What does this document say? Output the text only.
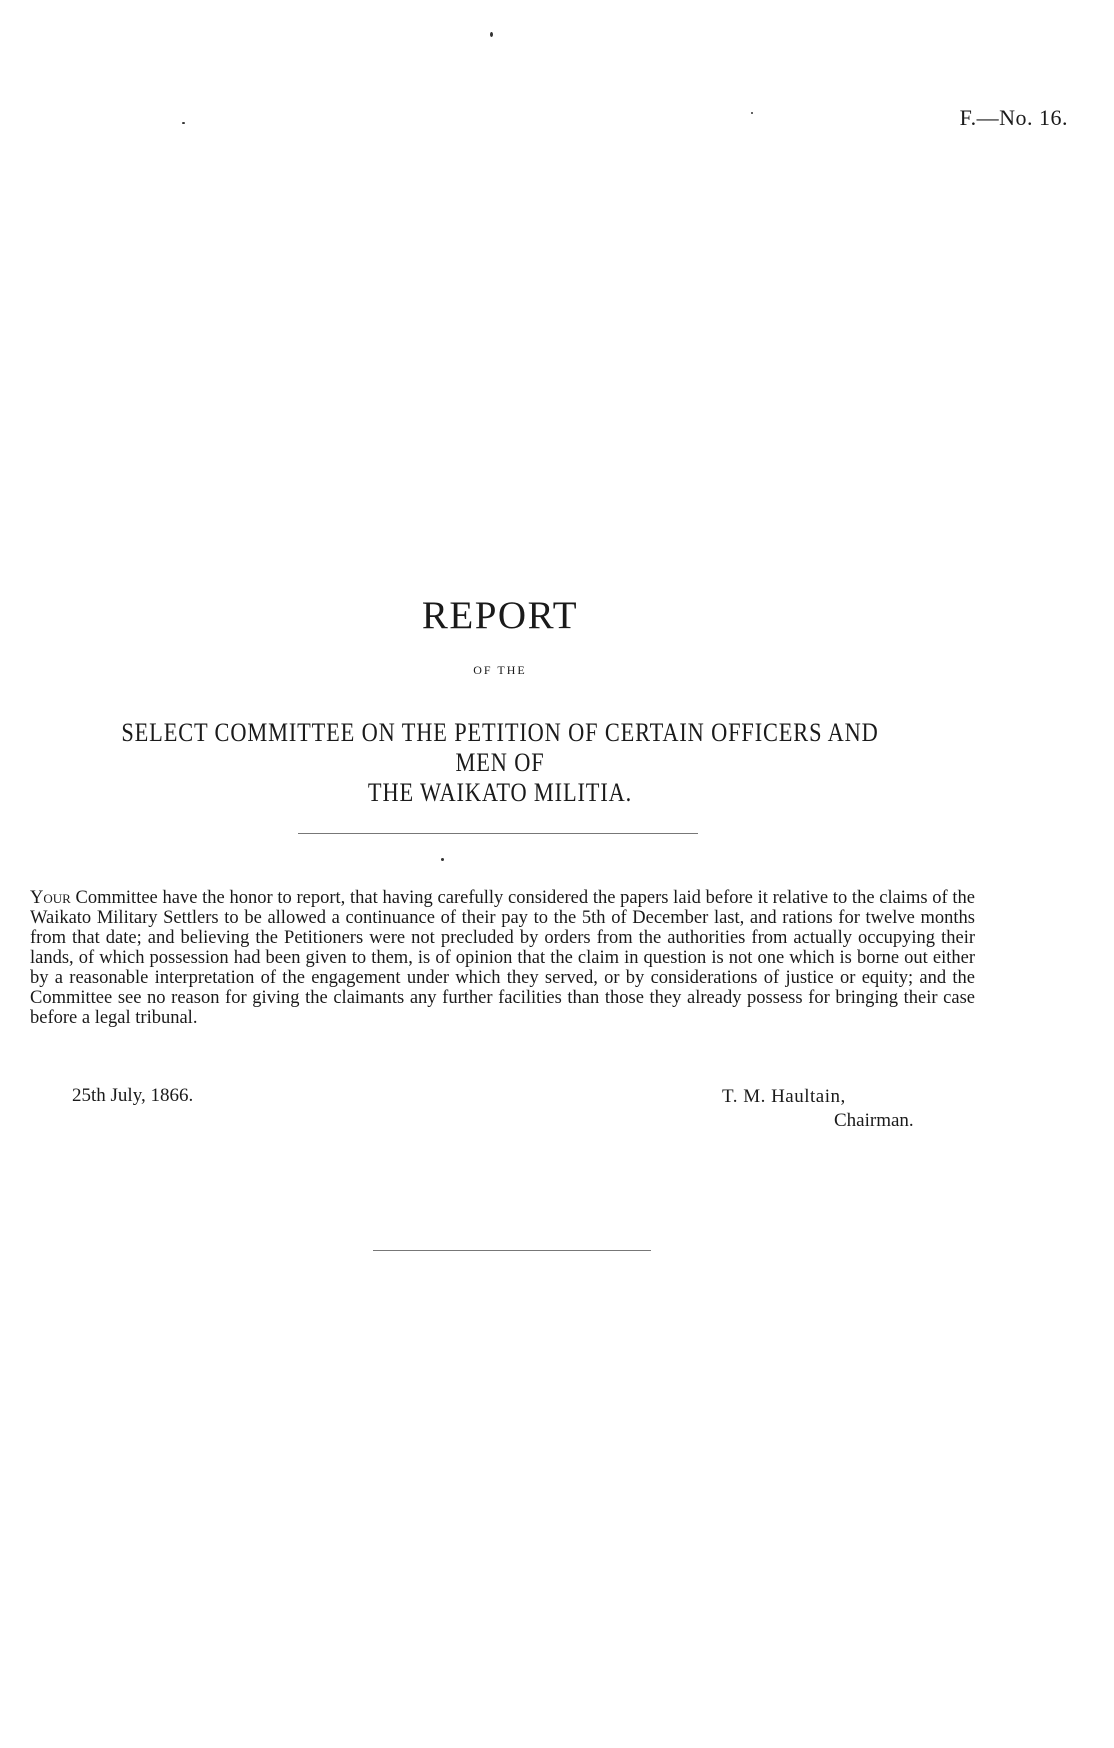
F.—No. 16.
REPORT
OF THE
SELECT COMMITTEE ON THE PETITION OF CERTAIN OFFICERS AND MEN OF
THE WAIKATO MILITIA.
Your Committee have the honor to report, that having carefully considered the papers laid before it relative to the claims of the Waikato Military Settlers to be allowed a continuance of their pay to the 5th of December last, and rations for twelve months from that date; and believing the Petitioners were not precluded by orders from the authorities from actually occupying their lands, of which possession had been given to them, is of opinion that the claim in question is not one which is borne out either by a reasonable interpretation of the engagement under which they served, or by considerations of justice or equity; and the Committee see no reason for giving the claimants any further facilities than those they already possess for bringing their case before a legal tribunal.
25th July, 1866.	T. M. Haultain,
Chairman.
